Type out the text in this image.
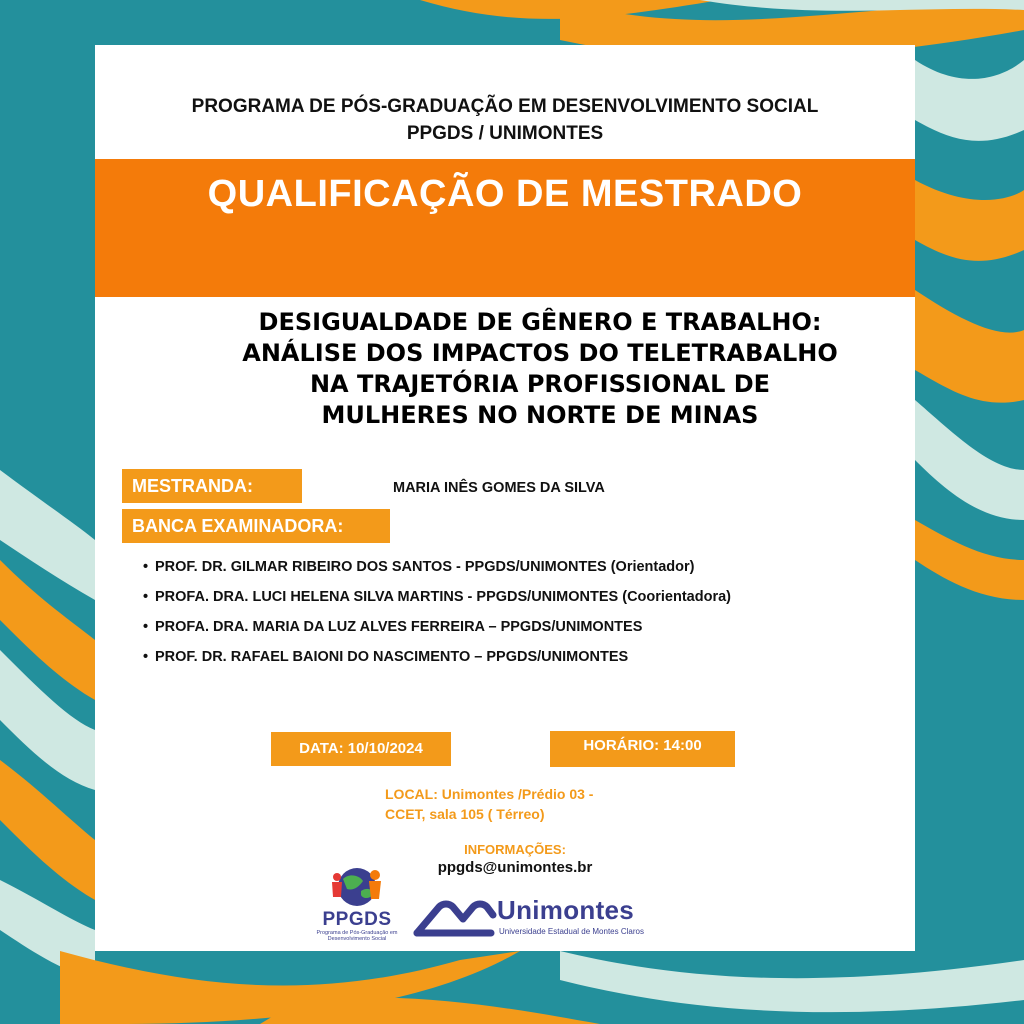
PROGRAMA DE PÓS-GRADUAÇÃO EM DESENVOLVIMENTO SOCIAL
PPGDS / UNIMONTES
QUALIFICAÇÃO DE MESTRADO
DESIGUALDADE DE GÊNERO E TRABALHO:
ANÁLISE DOS IMPACTOS DO TELETRABALHO
NA TRAJETÓRIA PROFISSIONAL DE
MULHERES NO NORTE DE MINAS
MESTRANDA:	MARIA INÊS GOMES DA SILVA
BANCA EXAMINADORA:
• PROF. DR. GILMAR RIBEIRO DOS SANTOS - PPGDS/UNIMONTES (Orientador)
• PROFA. DRA. LUCI HELENA SILVA MARTINS - PPGDS/UNIMONTES (Coorientadora)
• PROFA. DRA. MARIA DA LUZ ALVES FERREIRA – PPGDS/UNIMONTES
• PROF. DR. RAFAEL BAIONI DO NASCIMENTO – PPGDS/UNIMONTES
DATA: 10/10/2024	HORÁRIO: 14:00
LOCAL: Unimontes /Prédio 03 -
CCET, sala 105 ( Térreo)
INFORMAÇÕES:
ppgds@unimontes.br
PPGDS
Programa de Pós-Graduação em
Desenvolvimento Social
Unimontes
Universidade Estadual de Montes Claros
